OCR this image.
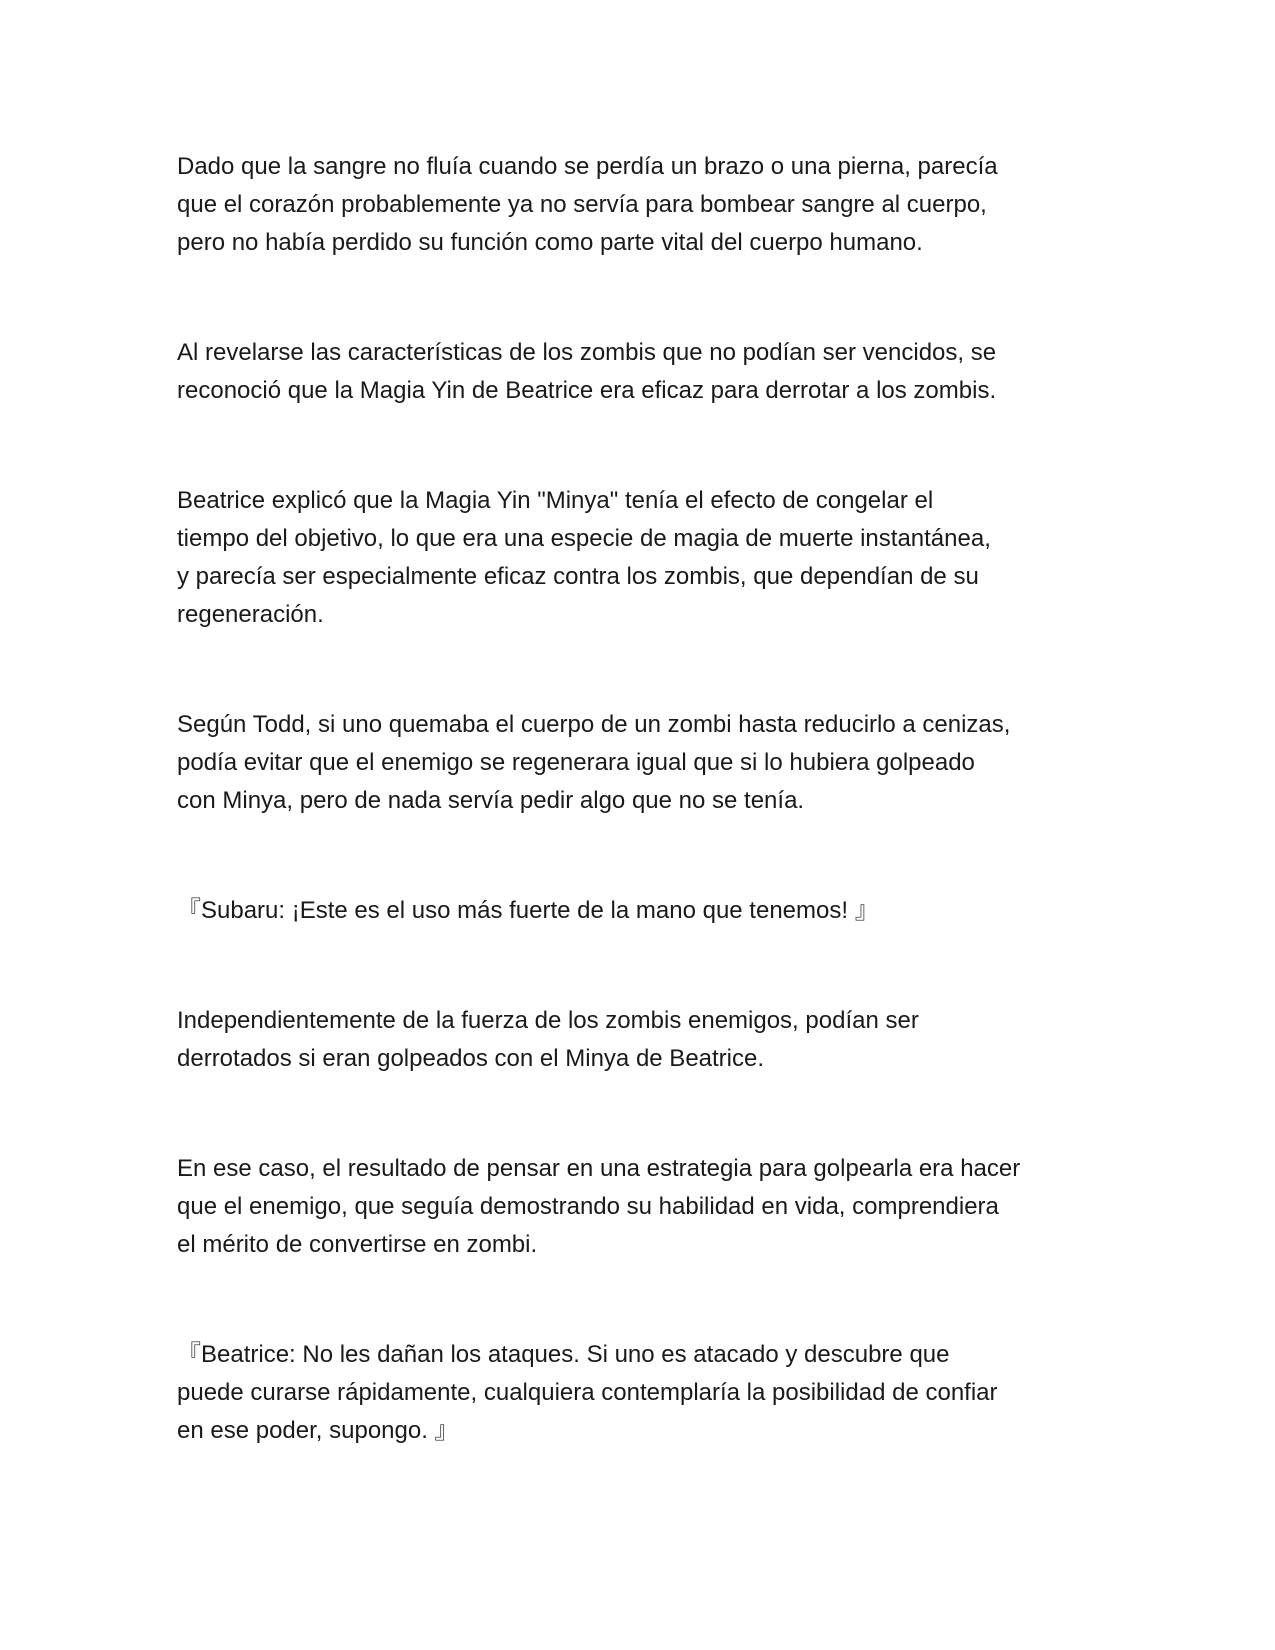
Dado que la sangre no fluía cuando se perdía un brazo o una pierna, parecía
que el corazón probablemente ya no servía para bombear sangre al cuerpo,
pero no había perdido su función como parte vital del cuerpo humano.

Al revelarse las características de los zombis que no podían ser vencidos, se
reconoció que la Magia Yin de Beatrice era eficaz para derrotar a los zombis.

Beatrice explicó que la Magia Yin "Minya" tenía el efecto de congelar el
tiempo del objetivo, lo que era una especie de magia de muerte instantánea,
y parecía ser especialmente eficaz contra los zombis, que dependían de su
regeneración.

Según Todd, si uno quemaba el cuerpo de un zombi hasta reducirlo a cenizas,
podía evitar que el enemigo se regenerara igual que si lo hubiera golpeado
con Minya, pero de nada servía pedir algo que no se tenía.

『Subaru: ¡Este es el uso más fuerte de la mano que tenemos! 』

Independientemente de la fuerza de los zombis enemigos, podían ser
derrotados si eran golpeados con el Minya de Beatrice.

En ese caso, el resultado de pensar en una estrategia para golpearla era hacer
que el enemigo, que seguía demostrando su habilidad en vida, comprendiera
el mérito de convertirse en zombi.

『Beatrice: No les dañan los ataques. Si uno es atacado y descubre que
puede curarse rápidamente, cualquiera contemplaría la posibilidad de confiar
en ese poder, supongo. 』
